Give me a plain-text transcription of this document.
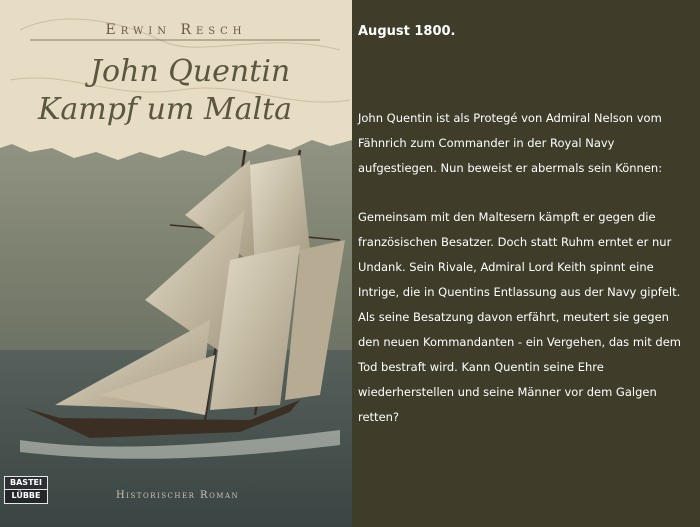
Erwin Resch
John Quentin
Kampf um Malta
BASTEI
LÜBBE	Historischer Roman
August 1800.
John Quentin ist als Protegé von Admiral Nelson vom Fähnrich zum Commander in der Royal Navy aufgestiegen. Nun beweist er abermals sein Können:
Gemeinsam mit den Maltesern kämpft er gegen die französischen Besatzer. Doch statt Ruhm erntet er nur Undank. Sein Rivale, Admiral Lord Keith spinnt eine Intrige, die in Quentins Entlassung aus der Navy gipfelt. Als seine Besatzung davon erfährt, meutert sie gegen den neuen Kommandanten - ein Vergehen, das mit dem Tod bestraft wird. Kann Quentin seine Ehre wiederherstellen und seine Männer vor dem Galgen retten?
